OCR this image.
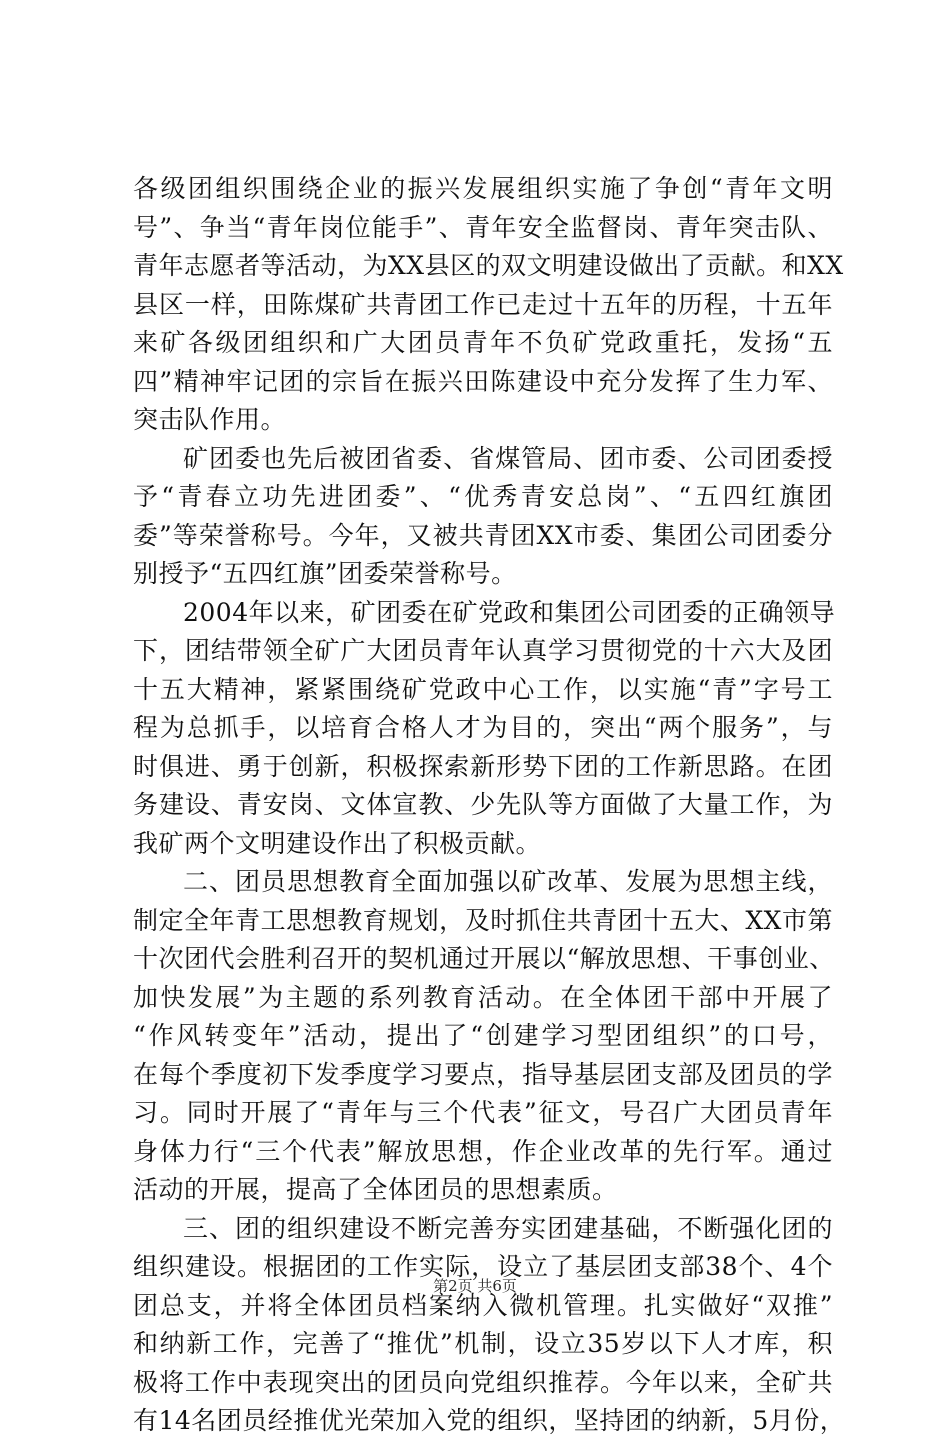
各级团组织围绕企业的振兴发展组织实施了争创“青年文明
号”、争当“青年岗位能手”、青年安全监督岗、青年突击队、
青年志愿者等活动，为XX县区的双文明建设做出了贡献。和XX
县区一样，田陈煤矿共青团工作已走过十五年的历程，十五年
来矿各级团组织和广大团员青年不负矿党政重托，发扬“五
四”精神牢记团的宗旨在振兴田陈建设中充分发挥了生力军、
突击队作用。
矿团委也先后被团省委、省煤管局、团市委、公司团委授
予“青春立功先进团委”、“优秀青安总岗”、“五四红旗团
委”等荣誉称号。今年，又被共青团XX市委、集团公司团委分
别授予“五四红旗”团委荣誉称号。
2004年以来，矿团委在矿党政和集团公司团委的正确领导
下，团结带领全矿广大团员青年认真学习贯彻党的十六大及团
十五大精神，紧紧围绕矿党政中心工作，以实施“青”字号工
程为总抓手，以培育合格人才为目的，突出“两个服务”，与
时俱进、勇于创新，积极探索新形势下团的工作新思路。在团
务建设、青安岗、文体宣教、少先队等方面做了大量工作，为
我矿两个文明建设作出了积极贡献。
二、团员思想教育全面加强以矿改革、发展为思想主线，
制定全年青工思想教育规划，及时抓住共青团十五大、XX市第
十次团代会胜利召开的契机通过开展以“解放思想、干事创业、
加快发展”为主题的系列教育活动。在全体团干部中开展了
“作风转变年”活动，提出了“创建学习型团组织”的口号，
在每个季度初下发季度学习要点，指导基层团支部及团员的学
习。同时开展了“青年与三个代表”征文，号召广大团员青年
身体力行“三个代表”解放思想，作企业改革的先行军。通过
活动的开展，提高了全体团员的思想素质。
三、团的组织建设不断完善夯实团建基础，不断强化团的
组织建设。根据团的工作实际，设立了基层团支部38个、4个
团总支，并将全体团员档案纳入微机管理。扎实做好“双推”
和纳新工作，完善了“推优”机制，设立35岁以下人才库，积
极将工作中表现突出的团员向党组织推荐。今年以来，全矿共
有14名团员经推优光荣加入党的组织，坚持团的纳新，5月份，
第2页 共6页
